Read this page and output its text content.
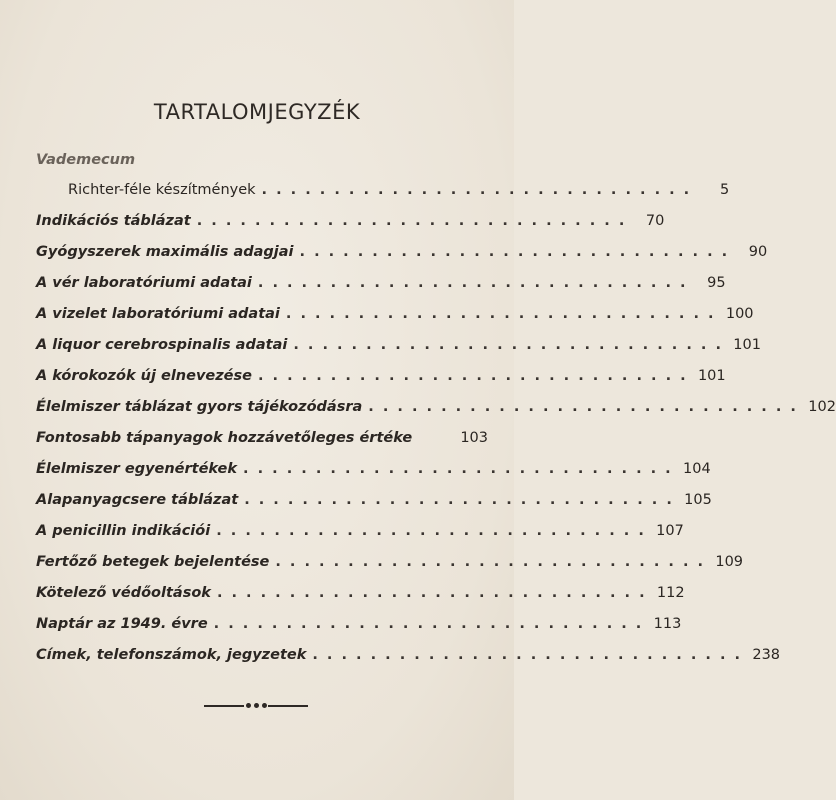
TARTALOMJEGYZÉK
Vademecum
Richter-féle készítmények . . . . . . . . . . . . . . . . . . . . . . . . . . . . . .	5
Indikációs táblázat . . . . . . . . . . . . . . . . . . . . . . . . . . . . . .	70
Gyógyszerek maximális adagjai . . . . . . . . . . . . . . . . . . . . . . . . . . . . . .	90
A vér laboratóriumi adatai . . . . . . . . . . . . . . . . . . . . . . . . . . . . . .	95
A vizelet laboratóriumi adatai . . . . . . . . . . . . . . . . . . . . . . . . . . . . . . 100
A liquor cerebrospinalis adatai . . . . . . . . . . . . . . . . . . . . . . . . . . . . . . 101
A kórokozók új elnevezése . . . . . . . . . . . . . . . . . . . . . . . . . . . . . . 101
Élelmiszer táblázat gyors tájékozódásra . . . . . . . . . . . . . . . . . . . . . . . . . . . . . . 102
Fontosabb tápanyagok hozzávetőleges értéke	103
Élelmiszer egyenértékek . . . . . . . . . . . . . . . . . . . . . . . . . . . . . . 104
Alapanyagcsere táblázat . . . . . . . . . . . . . . . . . . . . . . . . . . . . . . 105
A penicillin indikációi . . . . . . . . . . . . . . . . . . . . . . . . . . . . . . 107
Fertőző betegek bejelentése . . . . . . . . . . . . . . . . . . . . . . . . . . . . . . 109
Kötelező védőoltások . . . . . . . . . . . . . . . . . . . . . . . . . . . . . . 112
Naptár az 1949. évre . . . . . . . . . . . . . . . . . . . . . . . . . . . . . . 113
Címek, telefonszámok, jegyzetek . . . . . . . . . . . . . . . . . . . . . . . . . . . . . . 238
